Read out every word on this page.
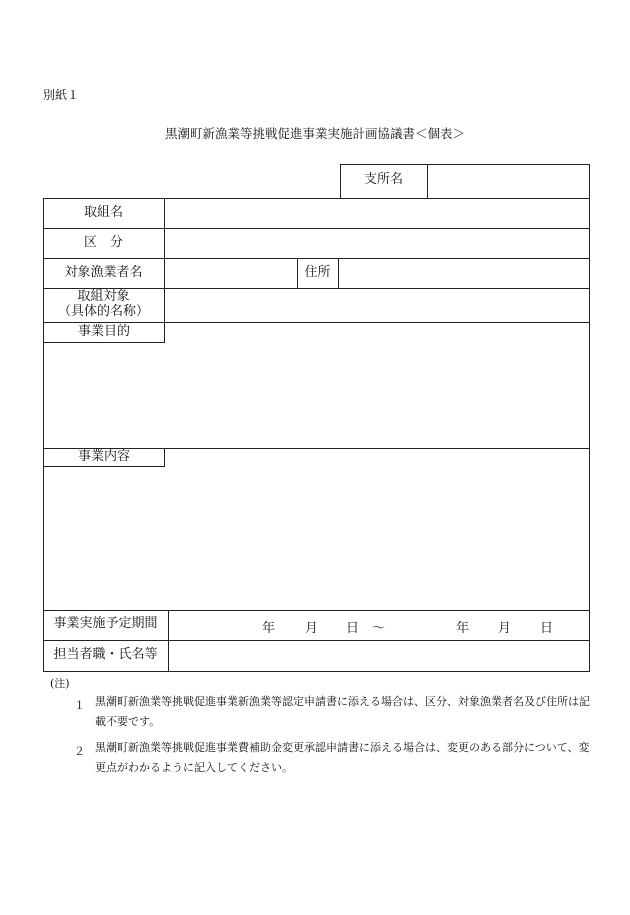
別紙１
黒潮町新漁業等挑戦促進事業実施計画協議書＜個表＞
支所名
取組名
区　分
対象漁業者名	住所
取組対象
（具体的名称）
事業目的
事業内容
事業実施予定期間	年 月 日 ～	年 月 日
担当者職・氏名等
(注)
１ 黒潮町新漁業等挑戦促進事業新漁業等認定申請書に添える場合は、区分、対象漁業者名及び住所は記
載不要です。
２ 黒潮町新漁業等挑戦促進事業費補助金変更承認申請書に添える場合は、変更のある部分について、変
更点がわかるように記入してください。
